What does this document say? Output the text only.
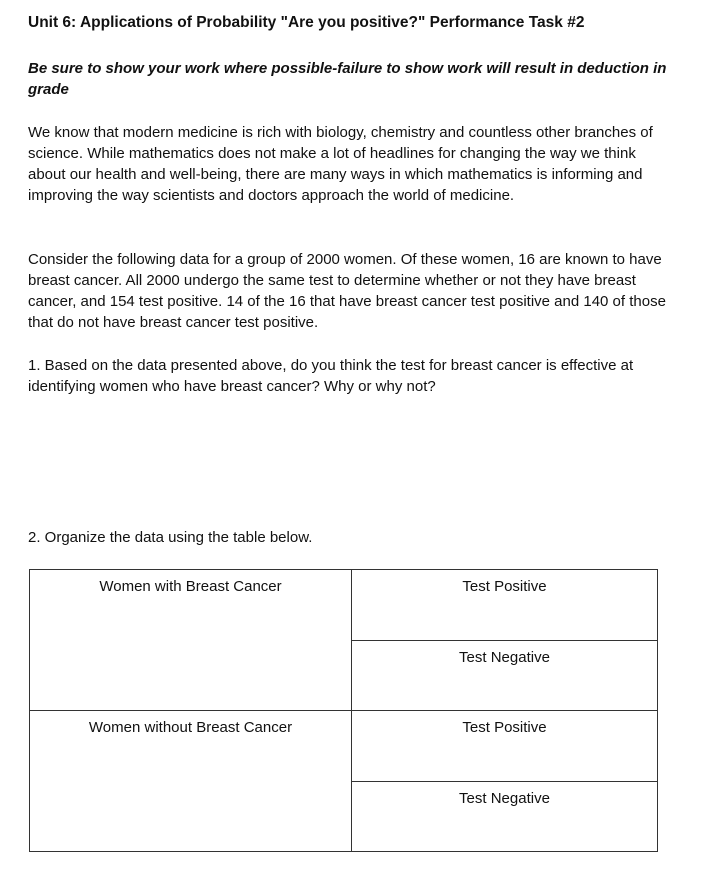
Unit 6: Applications of Probability "Are you positive?" Performance Task #2
Be sure to show your work where possible-failure to show work will result in deduction in grade
We know that modern medicine is rich with biology, chemistry and countless other branches of science. While mathematics does not make a lot of headlines for changing the way we think about our health and well-being, there are many ways in which mathematics is informing and improving the way scientists and doctors approach the world of medicine.
Consider the following data for a group of 2000 women. Of these women, 16 are known to have breast cancer. All 2000 undergo the same test to determine whether or not they have breast cancer, and 154 test positive. 14 of the 16 that have breast cancer test positive and 140 of those that do not have breast cancer test positive.
1. Based on the data presented above, do you think the test for breast cancer is effective at identifying women who have breast cancer? Why or why not?
2. Organize the data using the table below.
Women with Breast Cancer	Test Positive
	Test Negative
Women without Breast Cancer	Test Positive
	Test Negative
